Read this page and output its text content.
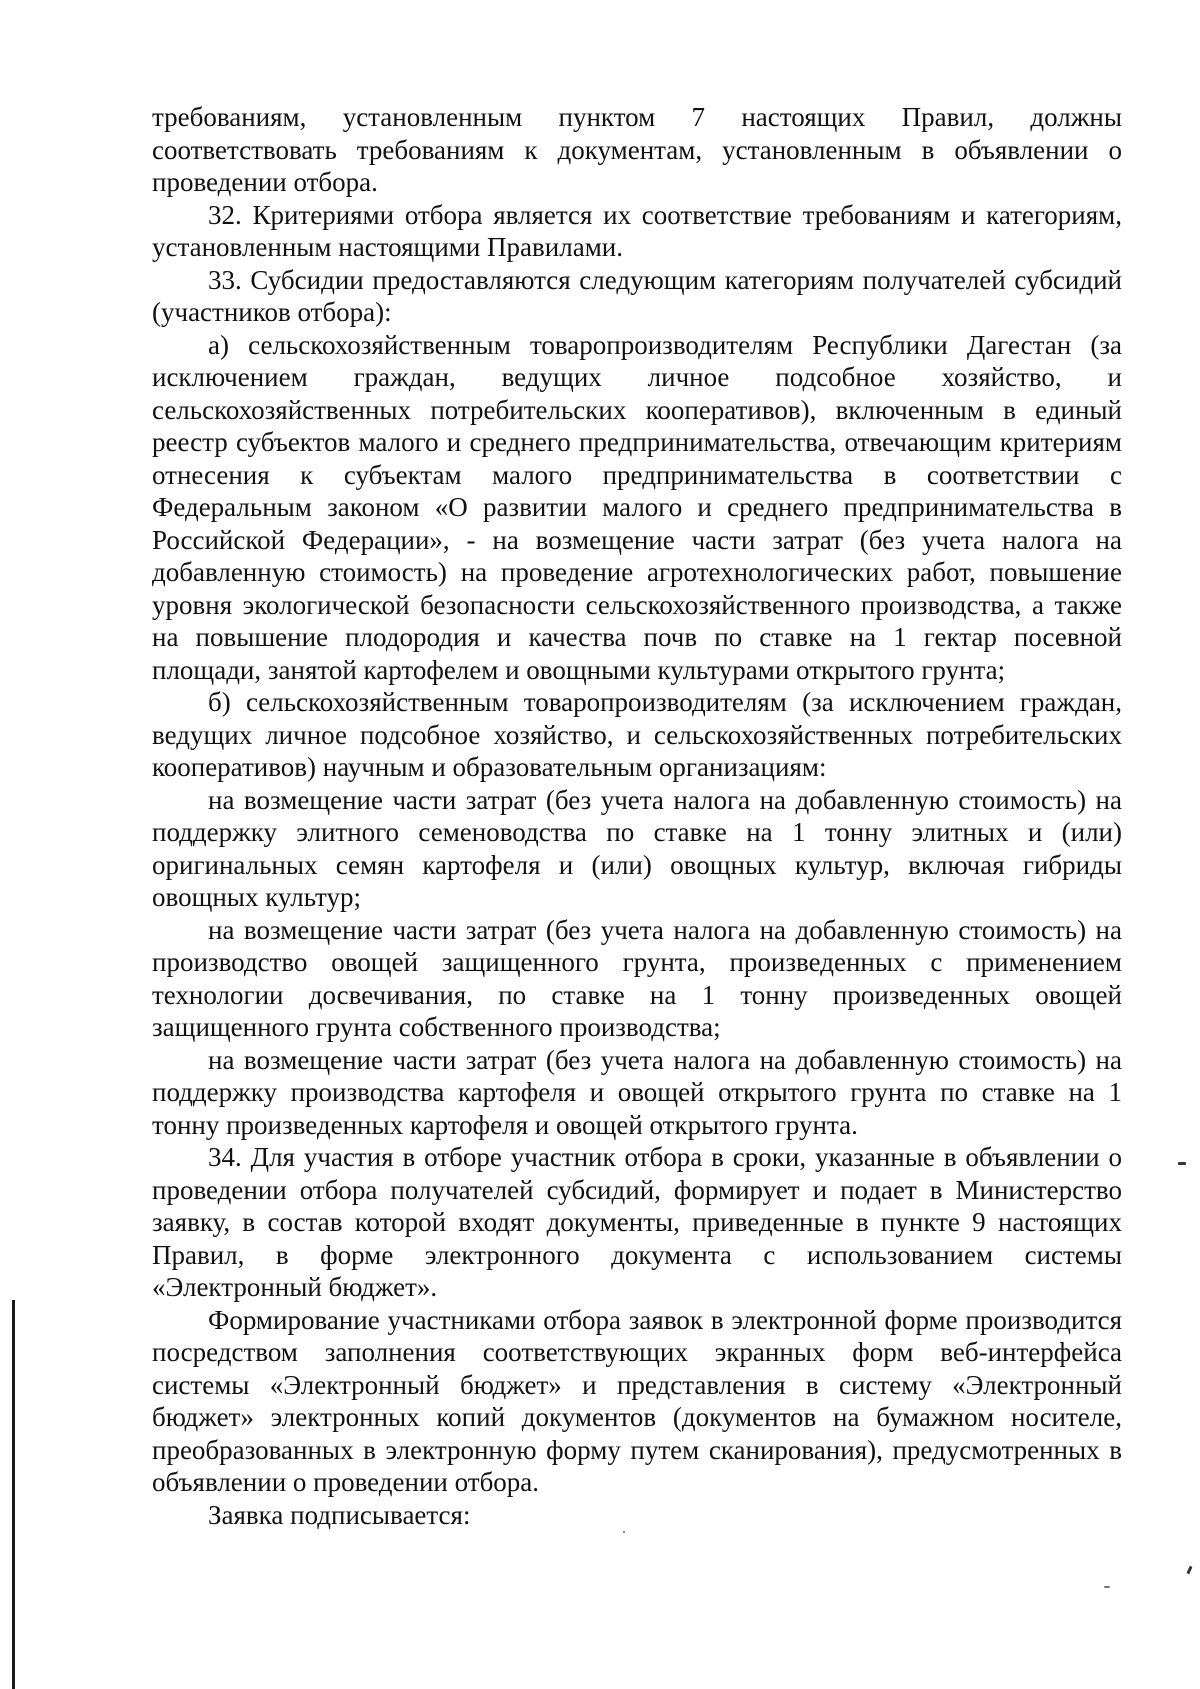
требованиям, установленным пунктом 7 настоящих Правил, должны соответствовать требованиям к документам, установленным в объявлении о проведении отбора.

32. Критериями отбора является их соответствие требованиям и категориям, установленным настоящими Правилами.

33. Субсидии предоставляются следующим категориям получателей субсидий (участников отбора):

а) сельскохозяйственным товаропроизводителям Республики Дагестан (за исключением граждан, ведущих личное подсобное хозяйство, и сельскохозяйственных потребительских кооперативов), включенным в единый реестр субъектов малого и среднего предпринимательства, отвечающим критериям отнесения к субъектам малого предпринимательства в соответствии с Федеральным законом «О развитии малого и среднего предпринимательства в Российской Федерации», - на возмещение части затрат (без учета налога на добавленную стоимость) на проведение агротехнологических работ, повышение уровня экологической безопасности сельскохозяйственного производства, а также на повышение плодородия и качества почв по ставке на 1 гектар посевной площади, занятой картофелем и овощными культурами открытого грунта;

б) сельскохозяйственным товаропроизводителям (за исключением граждан, ведущих личное подсобное хозяйство, и сельскохозяйственных потребительских кооперативов) научным и образовательным организациям:

на возмещение части затрат (без учета налога на добавленную стоимость) на поддержку элитного семеноводства по ставке на 1 тонну элитных и (или) оригинальных семян картофеля и (или) овощных культур, включая гибриды овощных культур;

на возмещение части затрат (без учета налога на добавленную стоимость) на производство овощей защищенного грунта, произведенных с применением технологии досвечивания, по ставке на 1 тонну произведенных овощей защищенного грунта собственного производства;

на возмещение части затрат (без учета налога на добавленную стоимость) на поддержку производства картофеля и овощей открытого грунта по ставке на 1 тонну произведенных картофеля и овощей открытого грунта.

34. Для участия в отборе участник отбора в сроки, указанные в объявлении о проведении отбора получателей субсидий, формирует и подает в Министерство заявку, в состав которой входят документы, приведенные в пункте 9 настоящих Правил, в форме электронного документа с использованием системы «Электронный бюджет».

Формирование участниками отбора заявок в электронной форме производится посредством заполнения соответствующих экранных форм веб-интерфейса системы «Электронный бюджет» и представления в систему «Электронный бюджет» электронных копий документов (документов на бумажном носителе, преобразованных в электронную форму путем сканирования), предусмотренных в объявлении о проведении отбора.

Заявка подписывается:
